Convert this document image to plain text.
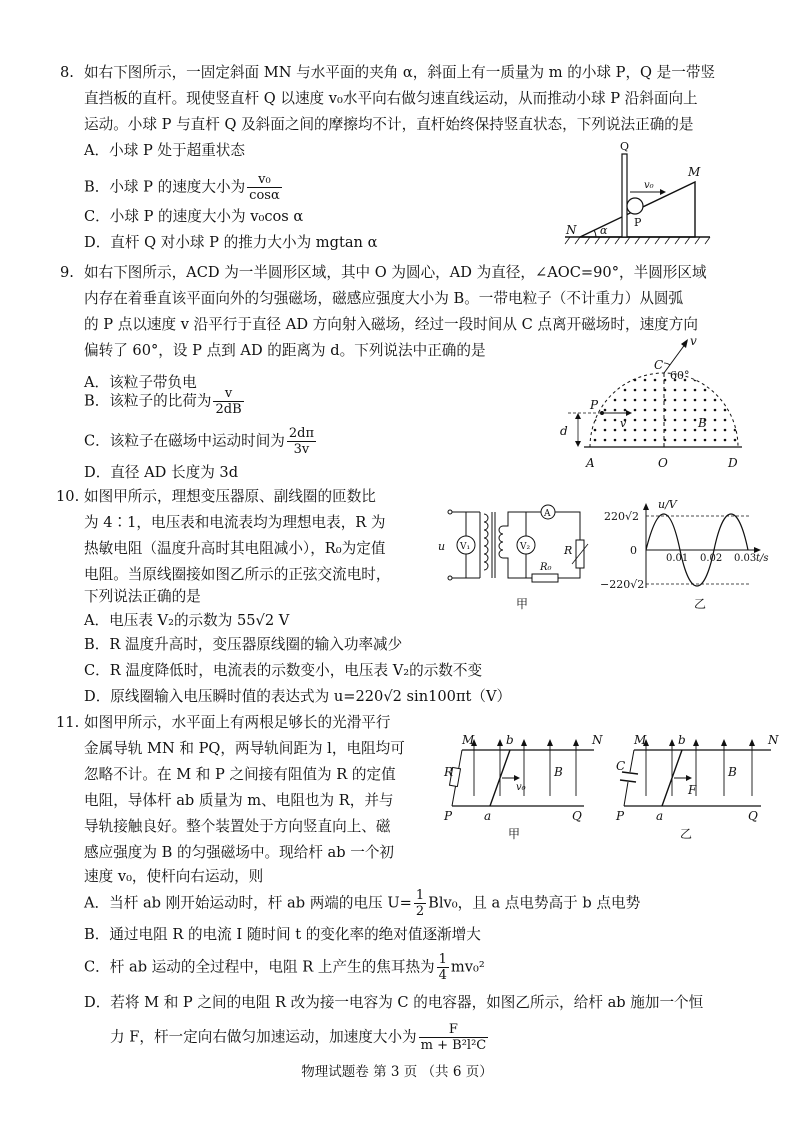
8. 如右下图所示，一固定斜面 MN 与水平面的夹角 α，斜面上有一质量为 m 的小球 P，Q 是一带竖
直挡板的直杆。现使竖直杆 Q 以速度 v₀水平向右做匀速直线运动，从而推动小球 P 沿斜面向上
运动。小球 P 与直杆 Q 及斜面之间的摩擦均不计，直杆始终保持竖直状态，下列说法正确的是
A．小球 P 处于超重状态
B．小球 P 的速度大小为 $\frac{\text{v₀}}{\cos\alpha}$
C．小球 P 的速度大小为 v₀cos α
D．直杆 Q 对小球 P 的推力大小为 mgtan α
Q
M
N
P
v₀
α
9. 如右下图所示，ACD 为一半圆形区域，其中 O 为圆心，AD 为直径，∠AOC=90°，半圆形区域
内存在着垂直该平面向外的匀强磁场，磁感应强度大小为 B。一带电粒子（不计重力）从圆弧
的 P 点以速度 v 沿平行于直径 AD 方向射入磁场，经过一段时间从 C 点离开磁场时，速度方向
偏转了 60°，设 P 点到 AD 的距离为 d。下列说法中正确的是
A．该粒子带负电
B．该粒子的比荷为 $\frac{v}{2dB}$
C．该粒子在磁场中运动时间为 $\frac{2d\pi}{3v}$
D．直径 AD 长度为 3d
v
C
60°
P
v	B
d
A	O	D
10. 如图甲所示，理想变压器原、副线圈的匝数比
为 4∶1，电压表和电流表均为理想电表，R 为
热敏电阻（温度升高时其电阻减小），R₀为定值
电阻。当原线圈接如图乙所示的正弦交流电时，
下列说法正确的是
A．电压表 V₂的示数为 55√2 V
B．R 温度升高时，变压器原线圈的输入功率减少
C．R 温度降低时，电流表的示数变小，电压表 V₂的示数不变
D．原线圈输入电压瞬时值的表达式为 u=220√2 sin100πt（V）
V₁	V₂
A
R
R₀
u
甲
u/V
220√2
0
−220√2
0.01 0.02 0.03 t/s
乙
11. 如图甲所示，水平面上有两根足够长的光滑平行
金属导轨 MN 和 PQ，两导轨间距为 l，电阻均可
忽略不计。在 M 和 P 之间接有阻值为 R 的定值
电阻，导体杆 ab 质量为 m、电阻也为 R，并与
导轨接触良好。整个装置处于方向竖直向上、磁
感应强度为 B 的匀强磁场中。现给杆 ab 一个初
速度 v₀，使杆向右运动，则
A．当杆 ab 刚开始运动时，杆 ab 两端的电压 $U= \frac{1}{2} Blv_0$，且 a 点电势高于 b 点电势
B．通过电阻 R 的电流 I 随时间 t 的变化率的绝对值逐渐增大
C．杆 ab 运动的全过程中，电阻 R 上产生的焦耳热为 $\frac{1}{4} mv_0^2$
D．若将 M 和 P 之间的电阻 R 改为接一电容为 C 的电容器，如图乙所示，给杆 ab 施加一个恒
力 F，杆一定向右做匀加速运动，加速度大小为 $\frac{F}{\text{m + B²l²C}}$
M	b	N
R	B
v₀
P	a	Q
甲
M	b	N
C	B
F
P	a	Q
乙
物理试题卷 第 3 页 （共 6 页）
